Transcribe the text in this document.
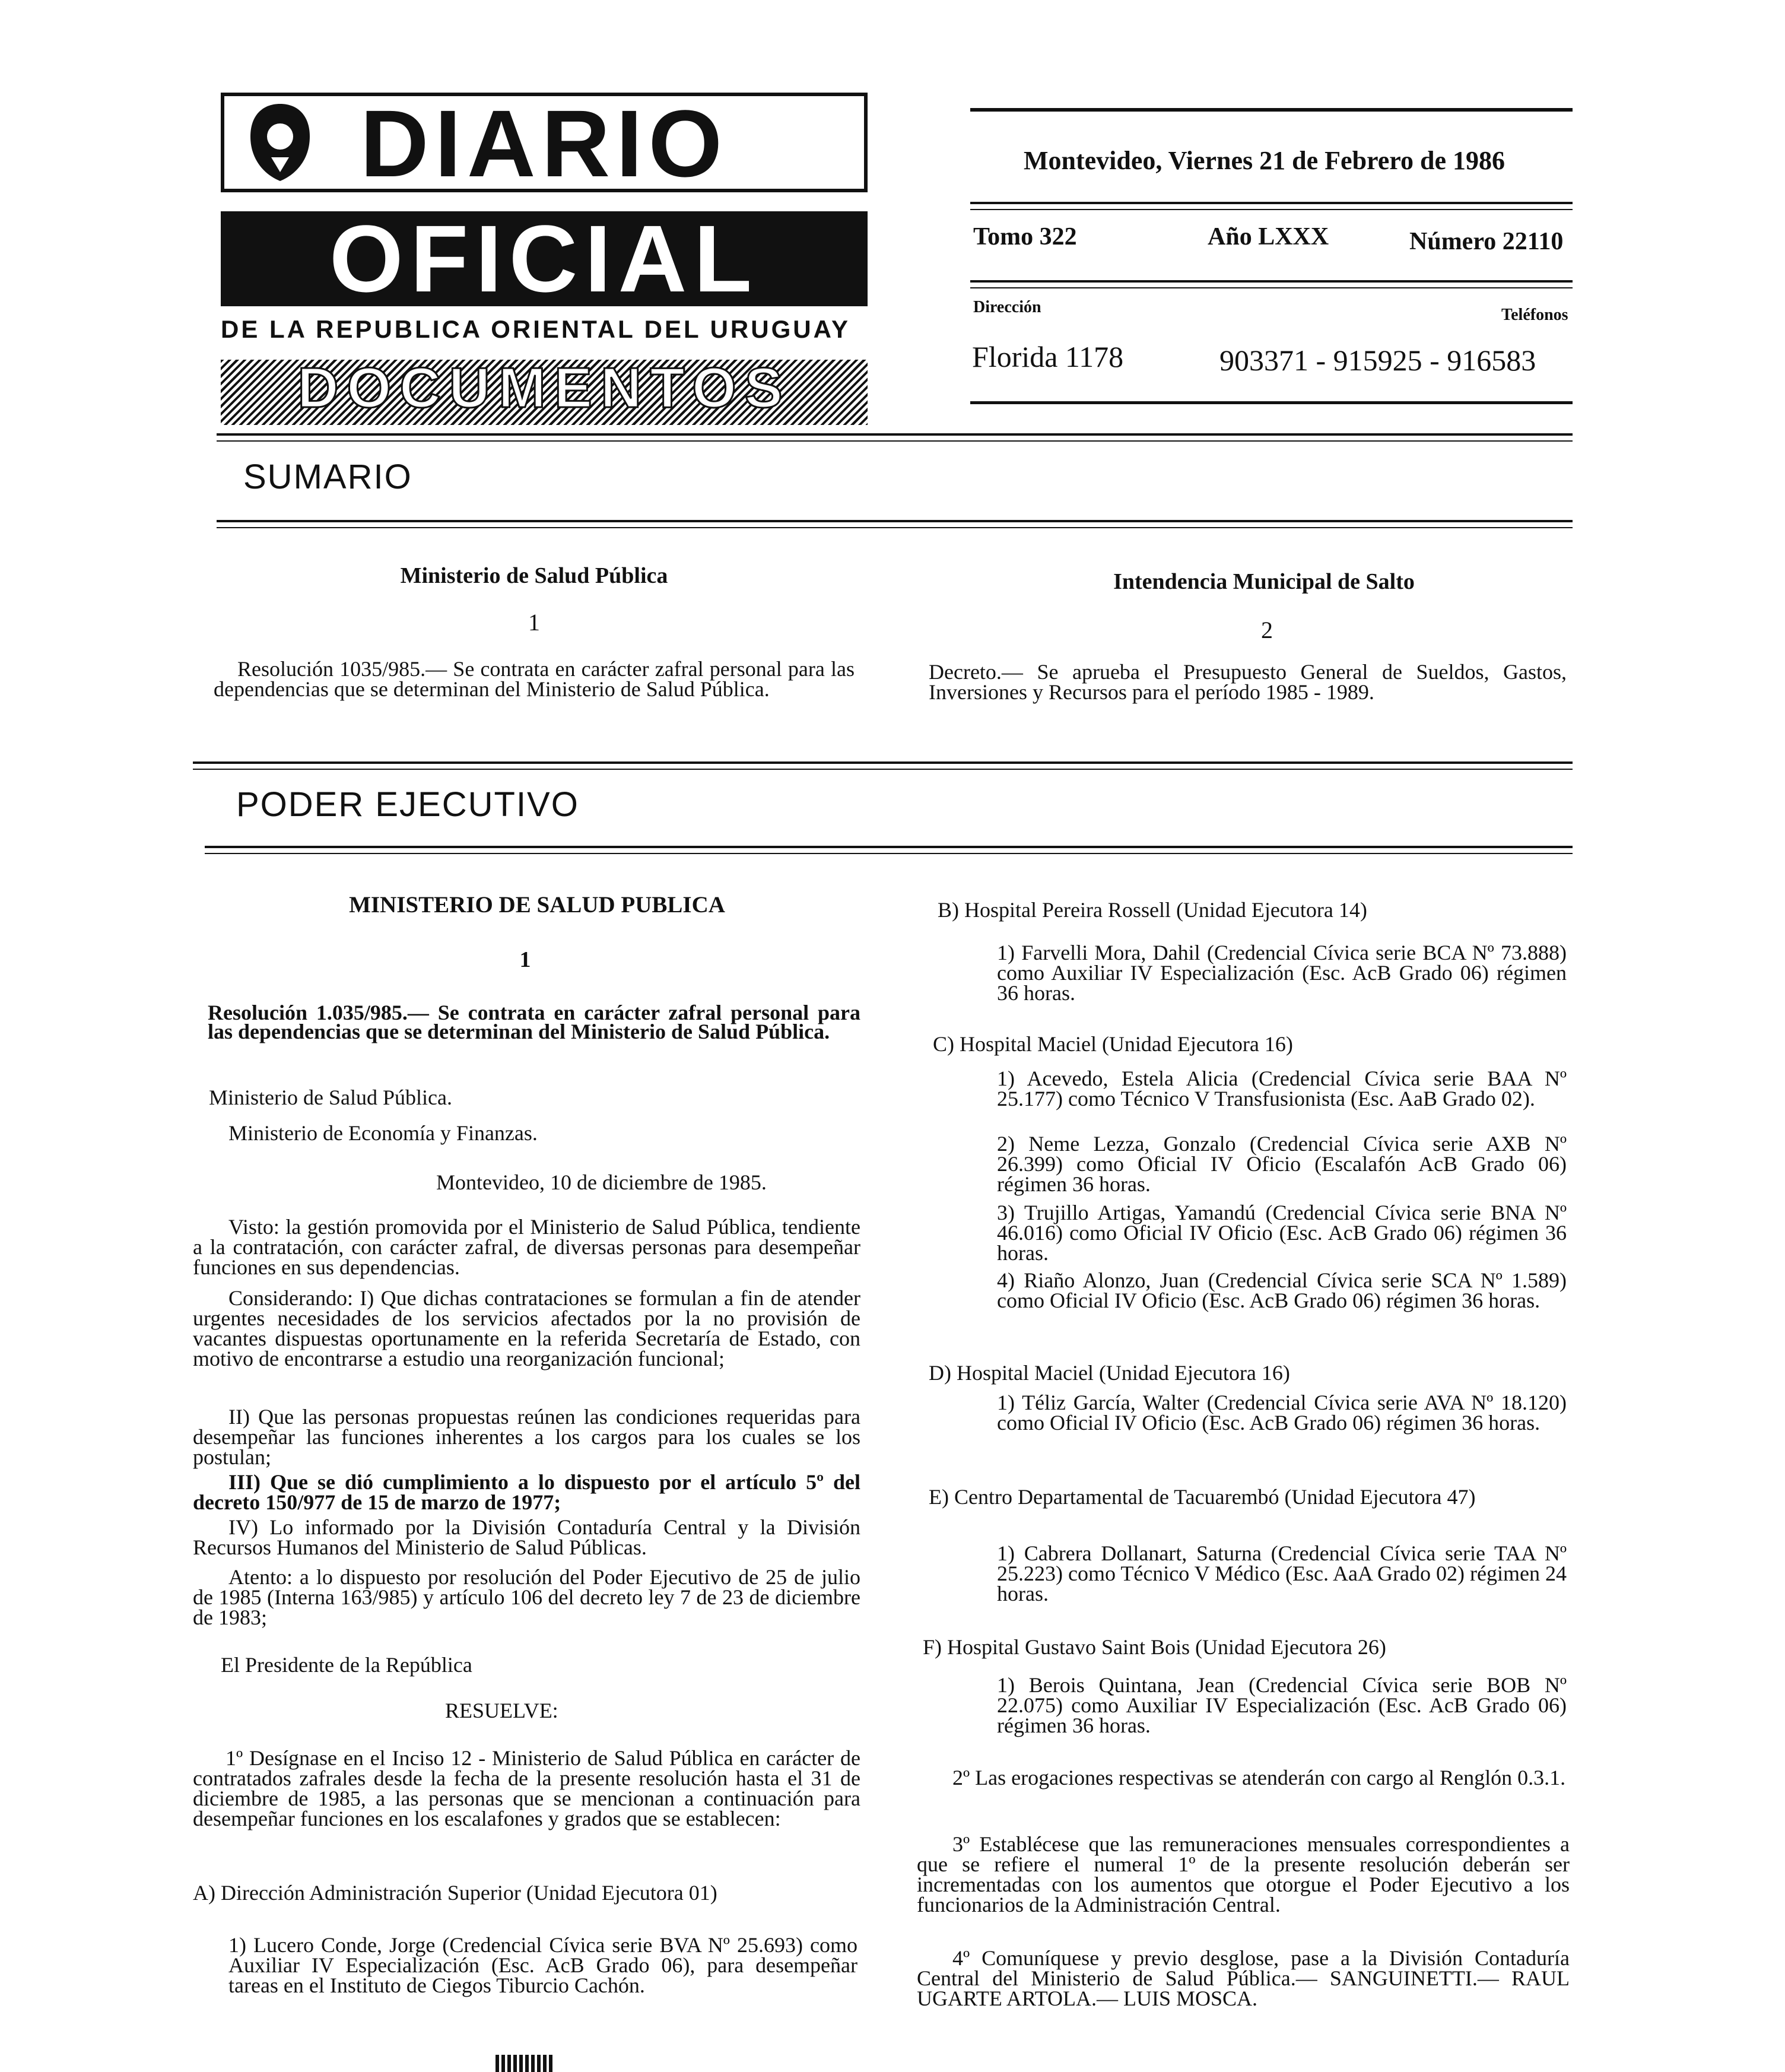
DIARIO
OFICIAL
DE LA REPUBLICA ORIENTAL DEL URUGUAY
DOCUMENTOS
Montevideo, Viernes 21 de Febrero de 1986
Tomo 322	Año LXXX	Número 22110
Dirección	Teléfonos
Florida 1178	903371 - 915925 - 916583
SUMARIO
Ministerio de Salud Pública
1
Resolución 1035/985.— Se contrata en carácter zafral personal para las dependencias que se determinan del Ministerio de Salud Pública.
Intendencia Municipal de Salto
2
Decreto.— Se aprueba el Presupuesto General de Sueldos, Gastos, Inversiones y Recursos para el período 1985 - 1989.
PODER EJECUTIVO
MINISTERIO DE SALUD PUBLICA
1
Resolución 1.035/985.— Se contrata en carácter zafral personal para las dependencias que se determinan del Ministerio de Salud Pública.
Ministerio de Salud Pública.
Ministerio de Economía y Finanzas.
Montevideo, 10 de diciembre de 1985.
Visto: la gestión promovida por el Ministerio de Salud Pública, tendiente a la contratación, con carácter zafral, de diversas personas para desempeñar funciones en sus dependencias.
Considerando: I) Que dichas contrataciones se formulan a fin de atender urgentes necesidades de los servicios afectados por la no provisión de vacantes dispuestas oportunamente en la referida Secretaría de Estado, con motivo de encontrarse a estudio una reorganización funcional;
II) Que las personas propuestas reúnen las condiciones requeridas para desempeñar las funciones inherentes a los cargos para los cuales se los postulan;
III) Que se dió cumplimiento a lo dispuesto por el artículo 5º del decreto 150/977 de 15 de marzo de 1977;
IV) Lo informado por la División Contaduría Central y la División Recursos Humanos del Ministerio de Salud Públicas.
Atento: a lo dispuesto por resolución del Poder Ejecutivo de 25 de julio de 1985 (Interna 163/985) y artículo 106 del decreto ley 7 de 23 de diciembre de 1983;
El Presidente de la República
RESUELVE:
1º Desígnase en el Inciso 12 - Ministerio de Salud Pública en carácter de contratados zafrales desde la fecha de la presente resolución hasta el 31 de diciembre de 1985, a las personas que se mencionan a continuación para desempeñar funciones en los escalafones y grados que se establecen:
A) Dirección Administración Superior (Unidad Ejecutora 01)
1) Lucero Conde, Jorge (Credencial Cívica serie BVA Nº 25.693) como Auxiliar IV Especialización (Esc. AcB Grado 06), para desempeñar tareas en el Instituto de Ciegos Tiburcio Cachón.
B) Hospital Pereira Rossell (Unidad Ejecutora 14)
1) Farvelli Mora, Dahil (Credencial Cívica serie BCA Nº 73.888) como Auxiliar IV Especialización (Esc. AcB Grado 06) régimen 36 horas.
C) Hospital Maciel (Unidad Ejecutora 16)
1) Acevedo, Estela Alicia (Credencial Cívica serie BAA Nº 25.177) como Técnico V Transfusionista (Esc. AaB Grado 02).
2) Neme Lezza, Gonzalo (Credencial Cívica serie AXB Nº 26.399) como Oficial IV Oficio (Escalafón AcB Grado 06) régimen 36 horas.
3) Trujillo Artigas, Yamandú (Credencial Cívica serie BNA Nº 46.016) como Oficial IV Oficio (Esc. AcB Grado 06) régimen 36 horas.
4) Riaño Alonzo, Juan (Credencial Cívica serie SCA Nº 1.589) como Oficial IV Oficio (Esc. AcB Grado 06) régimen 36 horas.
D) Hospital Maciel (Unidad Ejecutora 16)
1) Téliz García, Walter (Credencial Cívica serie AVA Nº 18.120) como Oficial IV Oficio (Esc. AcB Grado 06) régimen 36 horas.
E) Centro Departamental de Tacuarembó (Unidad Ejecutora 47)
1) Cabrera Dollanart, Saturna (Credencial Cívica serie TAA Nº 25.223) como Técnico V Médico (Esc. AaA Grado 02) régimen 24 horas.
F) Hospital Gustavo Saint Bois (Unidad Ejecutora 26)
1) Berois Quintana, Jean (Credencial Cívica serie BOB Nº 22.075) como Auxiliar IV Especialización (Esc. AcB Grado 06) régimen 36 horas.
2º Las erogaciones respectivas se atenderán con cargo al Renglón 0.3.1.
3º Establécese que las remuneraciones mensuales correspondientes a que se refiere el numeral 1º de la presente resolución deberán ser incrementadas con los aumentos que otorgue el Poder Ejecutivo a los funcionarios de la Administración Central.
4º Comuníquese y previo desglose, pase a la División Contaduría Central del Ministerio de Salud Pública.— SANGUINETTI.— RAUL UGARTE ARTOLA.— LUIS MOSCA.
